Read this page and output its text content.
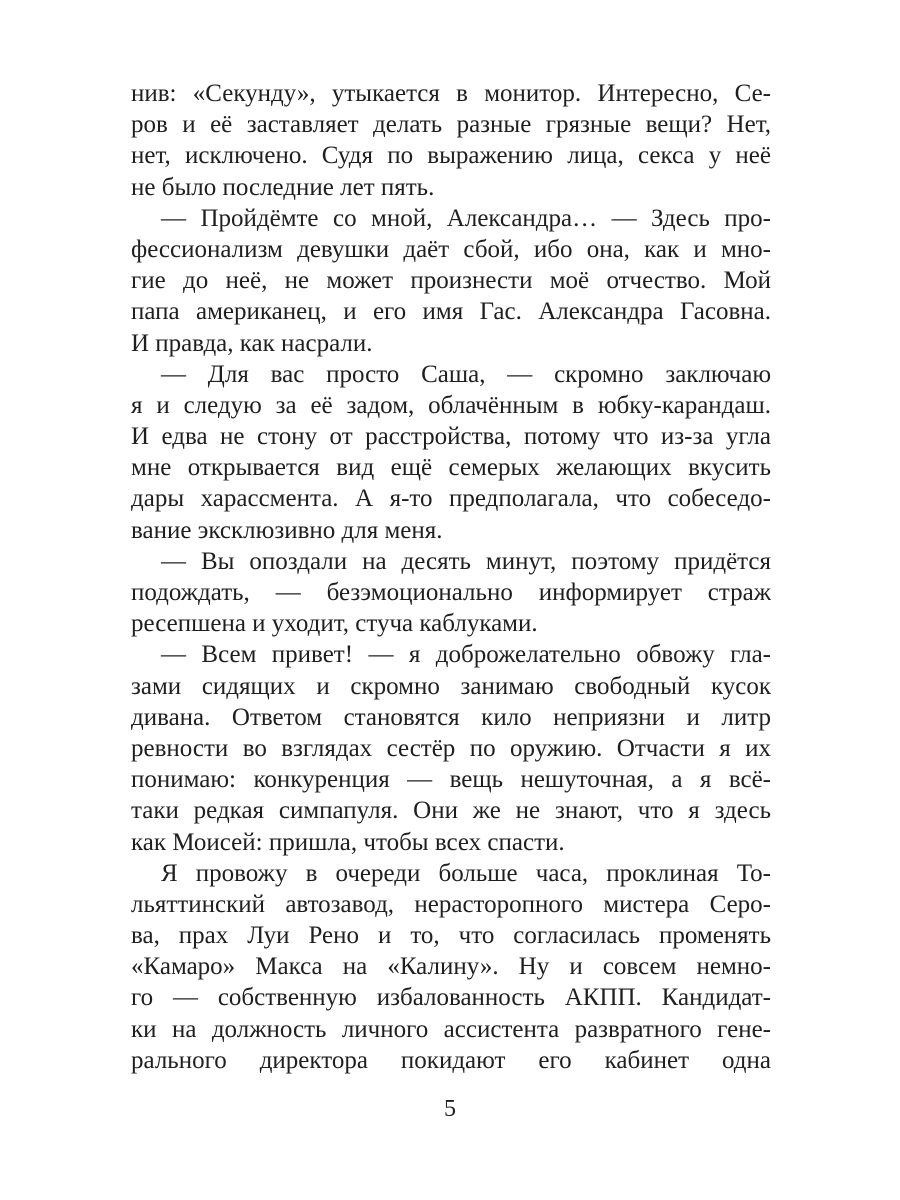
нив: «Секунду», утыкается в монитор. Интересно, Се-
ров и её заставляет делать разные грязные вещи? Нет,
нет, исключено. Судя по выражению лица, секса у неё
не было последние лет пять.
— Пройдёмте со мной, Александра… — Здесь про-
фессионализм девушки даёт сбой, ибо она, как и мно-
гие до неё, не может произнести моё отчество. Мой
папа американец, и его имя Гас. Александра Гасовна.
И правда, как насрали.
— Для вас просто Саша, — скромно заключаю
я и следую за её задом, облачённым в юбку-карандаш.
И едва не стону от расстройства, потому что из-за угла
мне открывается вид ещё семерых желающих вкусить
дары харассмента. А я-то предполагала, что собеседо-
вание эксклюзивно для меня.
— Вы опоздали на десять минут, поэтому придётся
подождать, — безэмоционально информирует страж
ресепшена и уходит, стуча каблуками.
— Всем привет! — я доброжелательно обвожу гла-
зами сидящих и скромно занимаю свободный кусок
дивана. Ответом становятся кило неприязни и литр
ревности во взглядах сестёр по оружию. Отчасти я их
понимаю: конкуренция — вещь нешуточная, а я всё-
таки редкая симпапуля. Они же не знают, что я здесь
как Моисей: пришла, чтобы всех спасти.
Я провожу в очереди больше часа, проклиная То-
льяттинский автозавод, нерасторопного мистера Серо-
ва, прах Луи Рено и то, что согласилась променять
«Камаро» Макса на «Калину». Ну и совсем немно-
го — собственную избалованность АКПП. Кандидат-
ки на должность личного ассистента развратного гене-
рального директора покидают его кабинет одна
5
